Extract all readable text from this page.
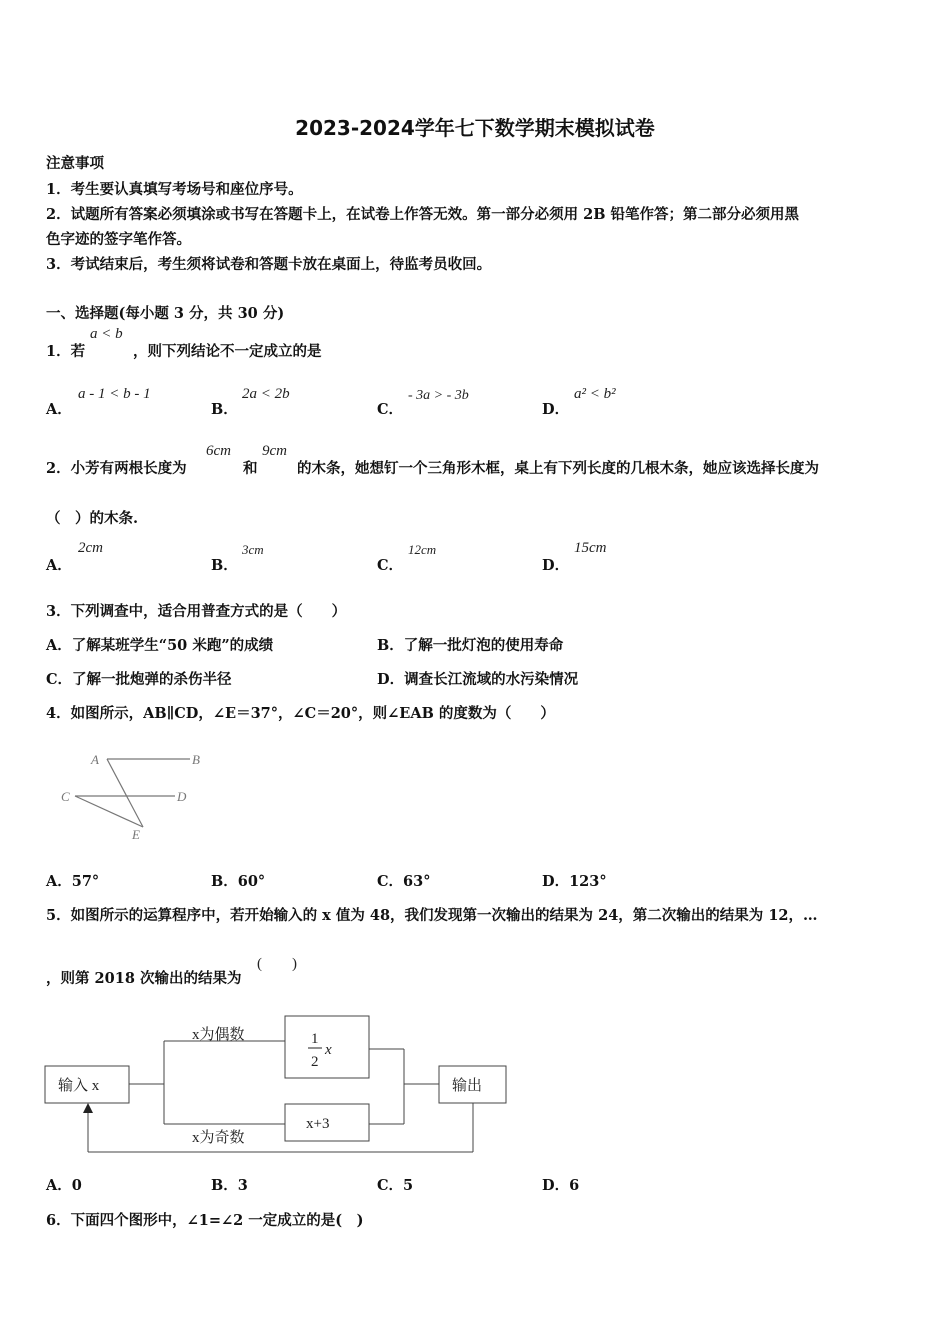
2023-2024学年七下数学期末模拟试卷
注意事项
1．考生要认真填写考场号和座位序号。
2．试题所有答案必须填涂或书写在答题卡上，在试卷上作答无效。第一部分必须用 2B 铅笔作答；第二部分必须用黑
色字迹的签字笔作答。
3．考试结束后，考生须将试卷和答题卡放在桌面上，待监考员收回。
一、选择题(每小题 3 分，共 30 分)
1．若
a < b
，则下列结论不一定成立的是
A．
a - 1 < b - 1
B．
2a < 2b
C．
- 3a > - 3b
D．
a² < b²
2．小芳有两根长度为
6cm
和
9cm
的木条，她想钉一个三角形木框，桌上有下列长度的几根木条，她应该选择长度为
（　）的木条.
A．
2cm
B．
3cm
C．
12cm
D．
15cm
3．下列调查中，适合用普查方式的是（　　）
A．了解某班学生“50 米跑”的成绩	B．了解一批灯泡的使用寿命
C．了解一批炮弹的杀伤半径	D．调查长江流域的水污染情况
4．如图所示，AB∥CD，∠E＝37°，∠C＝20°，则∠EAB 的度数为（　　）
A	B
C	D
E
A．57°	B．60°	C．63°	D．123°
5．如图所示的运算程序中，若开始输入的 x 值为 48，我们发现第一次输出的结果为 24，第二次输出的结果为 12，…
，则第 2018 次输出的结果为
(　　)
输入 x
x为偶数	1
2
x
x为奇数
x+3
输出
A．0	B．3	C．5	D．6
6．下面四个图形中，∠1=∠2 一定成立的是(　)
